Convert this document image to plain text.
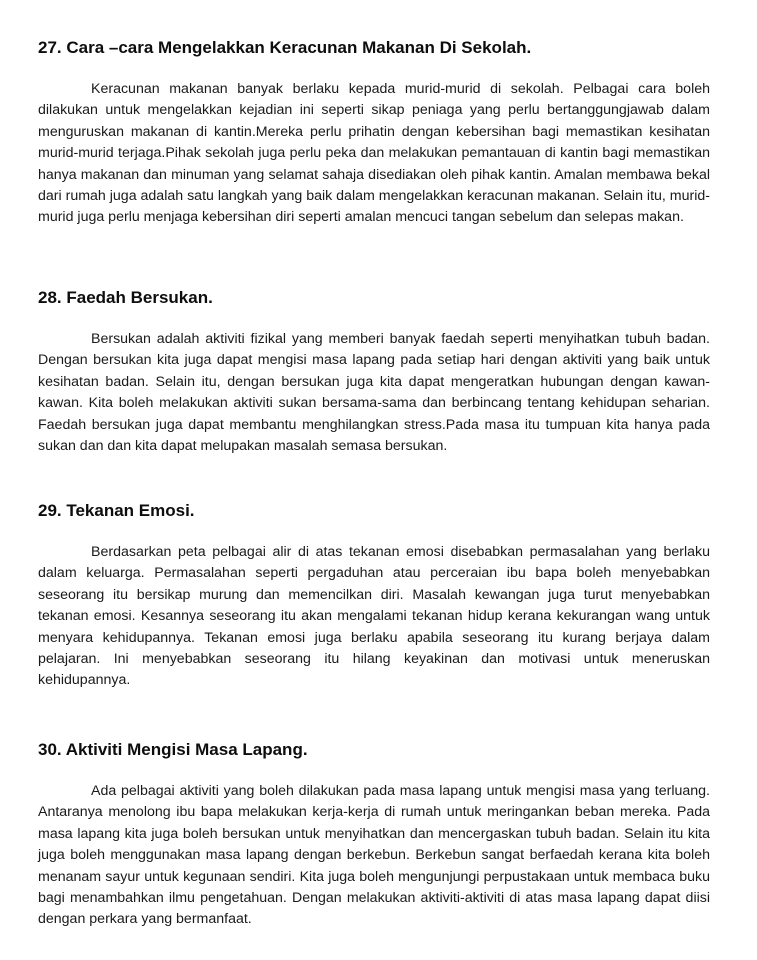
27. Cara –cara Mengelakkan Keracunan Makanan Di Sekolah.

Keracunan makanan banyak berlaku kepada murid-murid di sekolah. Pelbagai cara boleh dilakukan untuk mengelakkan kejadian ini seperti sikap peniaga yang perlu bertanggungjawab dalam menguruskan makanan di kantin.Mereka perlu prihatin dengan kebersihan bagi memastikan kesihatan murid-murid terjaga.Pihak sekolah juga perlu peka dan melakukan pemantauan di kantin bagi memastikan hanya makanan dan minuman yang selamat sahaja disediakan oleh pihak kantin. Amalan membawa bekal dari rumah juga adalah satu langkah yang baik dalam mengelakkan keracunan makanan. Selain itu, murid-murid juga perlu menjaga kebersihan diri seperti amalan mencuci tangan sebelum dan selepas makan.

28. Faedah Bersukan.

Bersukan adalah aktiviti fizikal yang memberi banyak faedah seperti menyihatkan tubuh badan. Dengan bersukan kita juga dapat mengisi masa lapang pada setiap hari dengan aktiviti yang baik untuk kesihatan badan. Selain itu, dengan bersukan juga kita dapat mengeratkan hubungan dengan kawan-kawan. Kita boleh melakukan aktiviti sukan bersama-sama dan berbincang tentang kehidupan seharian. Faedah bersukan juga dapat membantu menghilangkan stress.Pada masa itu tumpuan kita hanya pada sukan dan dan kita dapat melupakan masalah semasa bersukan.

29. Tekanan Emosi.

Berdasarkan peta pelbagai alir di atas tekanan emosi disebabkan permasalahan yang berlaku dalam keluarga. Permasalahan seperti pergaduhan atau perceraian ibu bapa boleh menyebabkan seseorang itu bersikap murung dan memencilkan diri. Masalah kewangan juga turut menyebabkan tekanan emosi. Kesannya seseorang itu akan mengalami tekanan hidup kerana kekurangan wang untuk menyara kehidupannya. Tekanan emosi juga berlaku apabila seseorang itu kurang berjaya dalam pelajaran. Ini menyebabkan seseorang itu hilang keyakinan dan motivasi untuk meneruskan kehidupannya.

30. Aktiviti Mengisi Masa Lapang.

Ada pelbagai aktiviti yang boleh dilakukan pada masa lapang untuk mengisi masa yang terluang. Antaranya menolong ibu bapa melakukan kerja-kerja di rumah untuk meringankan beban mereka. Pada masa lapang kita juga boleh bersukan untuk menyihatkan dan mencergaskan tubuh badan. Selain itu kita juga boleh menggunakan masa lapang dengan berkebun. Berkebun sangat berfaedah kerana kita boleh menanam sayur untuk kegunaan sendiri. Kita juga boleh mengunjungi perpustakaan untuk membaca buku bagi menambahkan ilmu pengetahuan. Dengan melakukan aktiviti-aktiviti di atas masa lapang dapat diisi dengan perkara yang bermanfaat.
